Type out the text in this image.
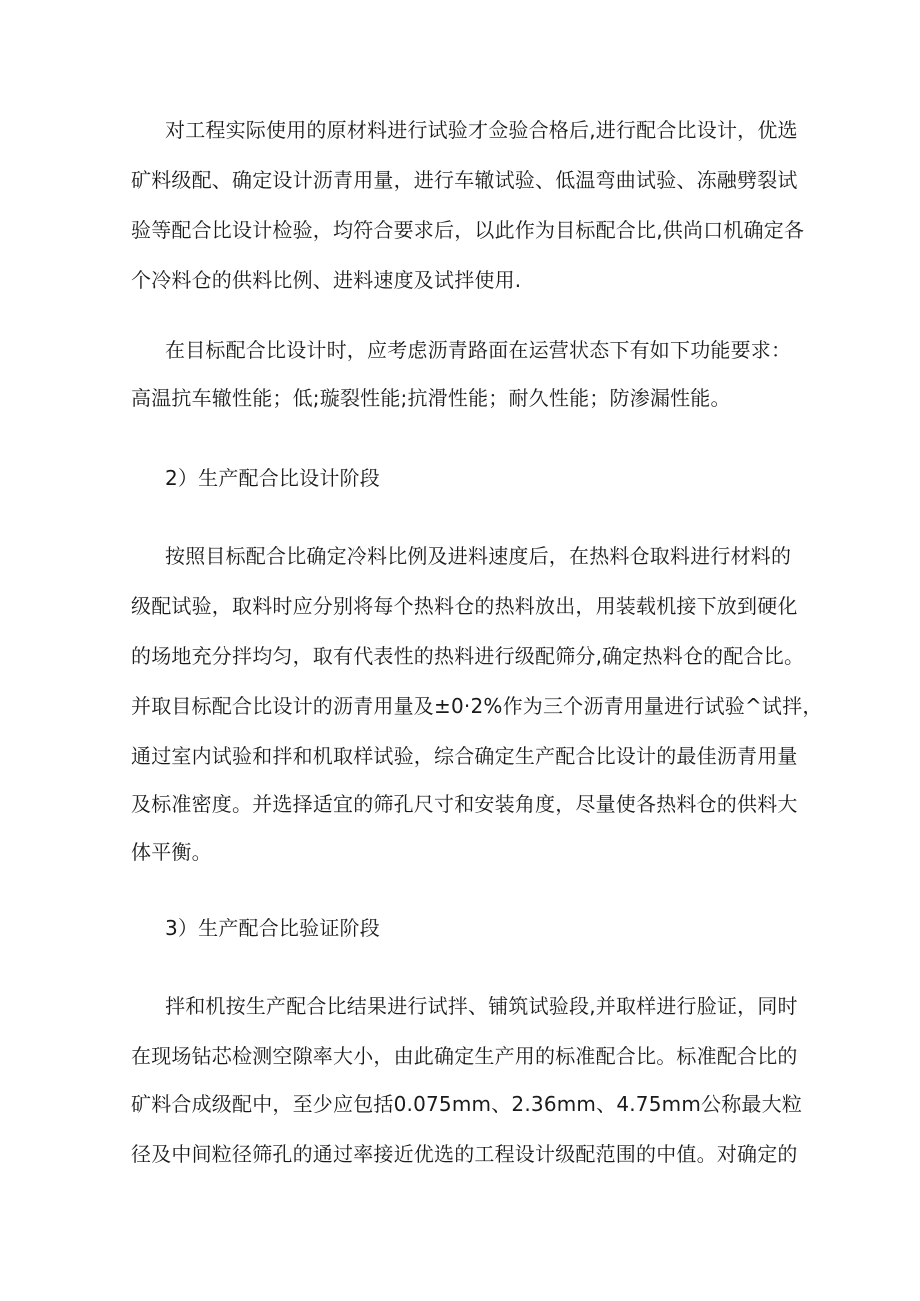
对工程实际使用的原材料进行试验才佥验合格后,进行配合比设计，优选
矿料级配、确定设计沥青用量，进行车辙试验、低温弯曲试验、冻融劈裂试
验等配合比设计检验，均符合要求后，以此作为目标配合比,供尚口机确定各
个冷料仓的供料比例、进料速度及试拌使用.
在目标配合比设计时，应考虑沥青路面在运营状态下有如下功能要求：
高温抗车辙性能；低;璇裂性能;抗滑性能；耐久性能；防渗漏性能。
2）生产配合比设计阶段
按照目标配合比确定冷料比例及进料速度后，在热料仓取料进行材料的
级配试验，取料时应分别将每个热料仓的热料放出，用装载机接下放到硬化
的场地充分拌均匀，取有代表性的热料进行级配筛分,确定热料仓的配合比。
并取目标配合比设计的沥青用量及±0·2%作为三个沥青用量进行试验^试拌，
通过室内试验和拌和机取样试验，综合确定生产配合比设计的最佳沥青用量
及标准密度。并选择适宜的筛孔尺寸和安装角度，尽量使各热料仓的供料大
体平衡。
3）生产配合比验证阶段
拌和机按生产配合比结果进行试拌、铺筑试验段,并取样进行脸证，同时
在现场钻芯检测空隙率大小，由此确定生产用的标准配合比。标准配合比的
矿料合成级配中，至少应包括0.075mm、2.36mm、4.75mm公称最大粒
径及中间粒径筛孔的通过率接近优选的工程设计级配范围的中值。对确定的
